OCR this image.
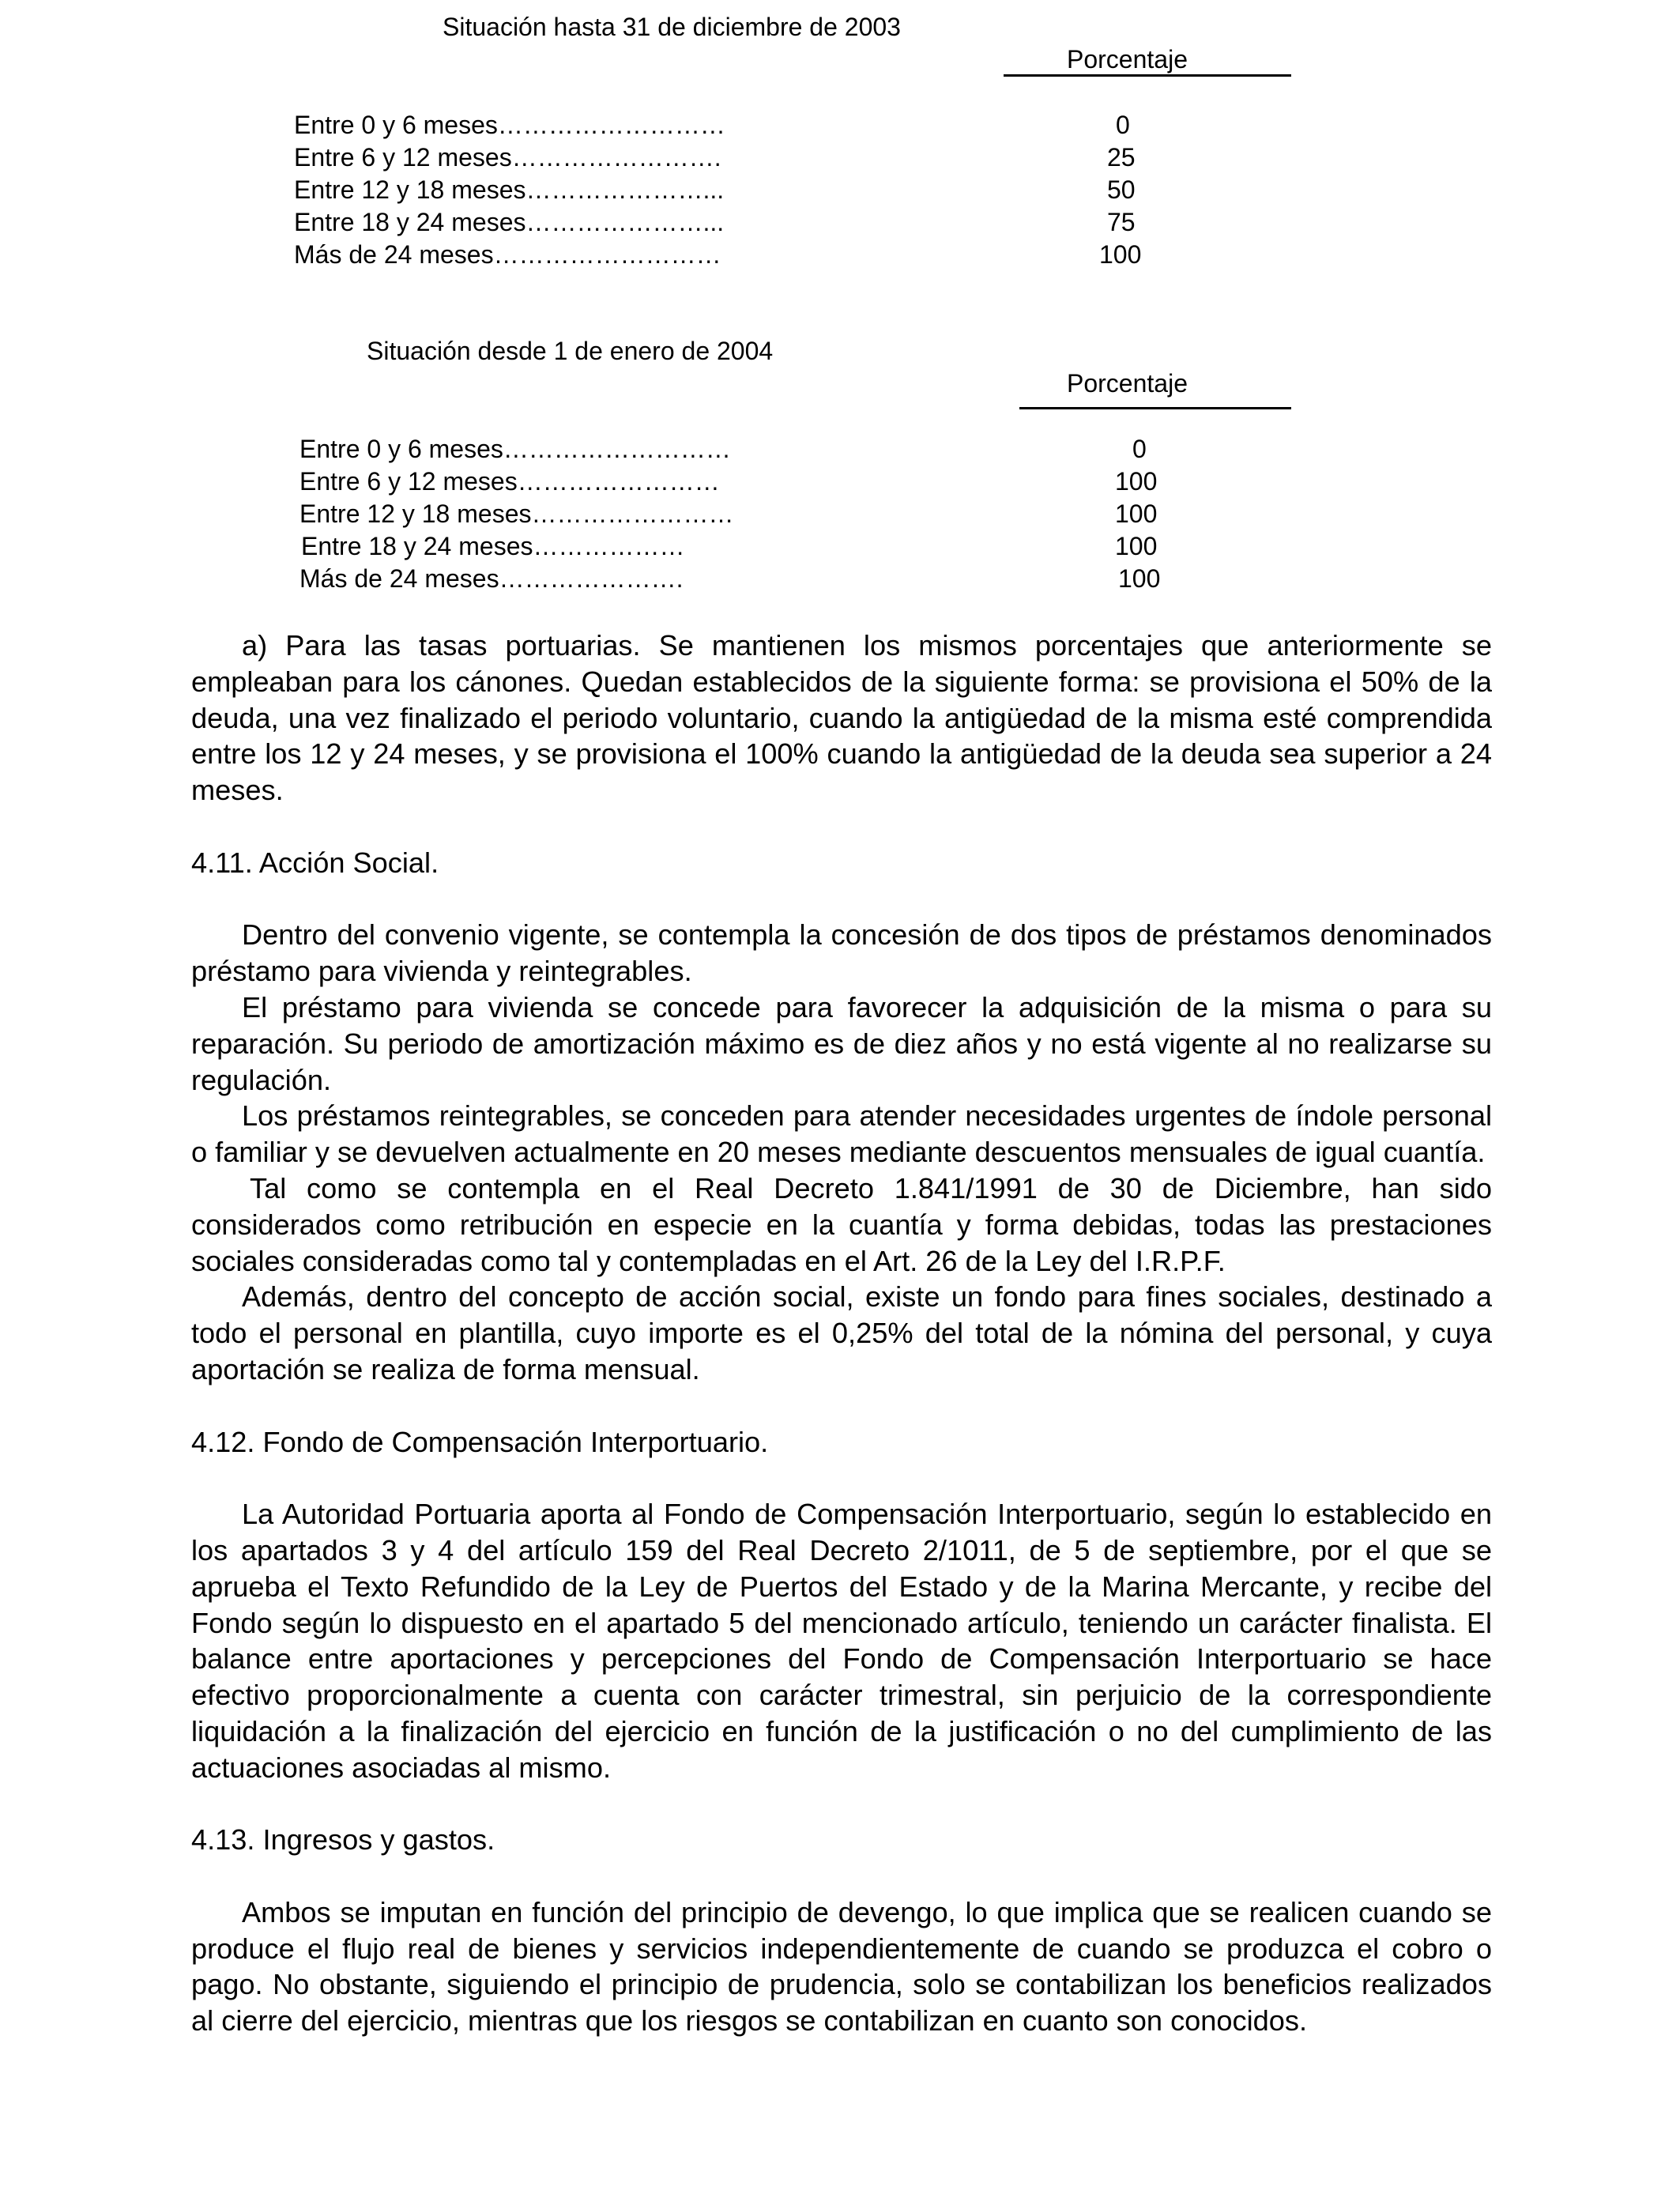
Situación hasta 31 de diciembre de 2003
Porcentaje
Entre 0 y 6 meses………………………	0
Entre 6 y 12 meses…………………….	25
Entre 12 y 18 meses…………………...	50
Entre 18 y 24 meses…………………...	75
Más de 24 meses………………………	100
Situación desde 1 de enero de 2004
Porcentaje
Entre 0 y 6 meses………………………	0
Entre 6 y 12 meses……………………	100
Entre 12 y 18 meses……………………	100
Entre 18 y 24 meses………………	100
Más de 24 meses………………….	100

a) Para las tasas portuarias. Se mantienen los mismos porcentajes que anteriormente se empleaban para los cánones. Quedan establecidos de la siguiente forma: se provisiona el 50% de la deuda, una vez finalizado el periodo voluntario, cuando la antigüedad de la misma esté comprendida entre los 12 y 24 meses, y se provisiona el 100% cuando la antigüedad de la deuda sea superior a 24 meses.

4.11. Acción Social.

Dentro del convenio vigente, se contempla la concesión de dos tipos de préstamos denominados préstamo para vivienda y reintegrables.

El préstamo para vivienda se concede para favorecer la adquisición de la misma o para su reparación. Su periodo de amortización máximo es de diez años y no está vigente al no realizarse su regulación.

Los préstamos reintegrables, se conceden para atender necesidades urgentes de índole personal o familiar y se devuelven actualmente en 20 meses mediante descuentos mensuales de igual cuantía.

Tal como se contempla en el Real Decreto 1.841/1991 de 30 de Diciembre, han sido considerados como retribución en especie en la cuantía y forma debidas, todas las prestaciones sociales consideradas como tal y contempladas en el Art. 26 de la Ley del I.R.P.F.

Además, dentro del concepto de acción social, existe un fondo para fines sociales, destinado a todo el personal en plantilla, cuyo importe es el 0,25% del total de la nómina del personal, y cuya aportación se realiza de forma mensual.

4.12. Fondo de Compensación Interportuario.

La Autoridad Portuaria aporta al Fondo de Compensación Interportuario, según lo establecido en los apartados 3 y 4 del artículo 159 del Real Decreto 2/1011, de 5 de septiembre, por el que se aprueba el Texto Refundido de la Ley de Puertos del Estado y de la Marina Mercante, y recibe del Fondo según lo dispuesto en el apartado 5 del mencionado artículo, teniendo un carácter finalista. El balance entre aportaciones y percepciones del Fondo de Compensación Interportuario se hace efectivo proporcionalmente a cuenta con carácter trimestral, sin perjuicio de la correspondiente liquidación a la finalización del ejercicio en función de la justificación o no del cumplimiento de las actuaciones asociadas al mismo.

4.13. Ingresos y gastos.

Ambos se imputan en función del principio de devengo, lo que implica que se realicen cuando se produce el flujo real de bienes y servicios independientemente de cuando se produzca el cobro o pago. No obstante, siguiendo el principio de prudencia, solo se contabilizan los beneficios realizados al cierre del ejercicio, mientras que los riesgos se contabilizan en cuanto son conocidos.
